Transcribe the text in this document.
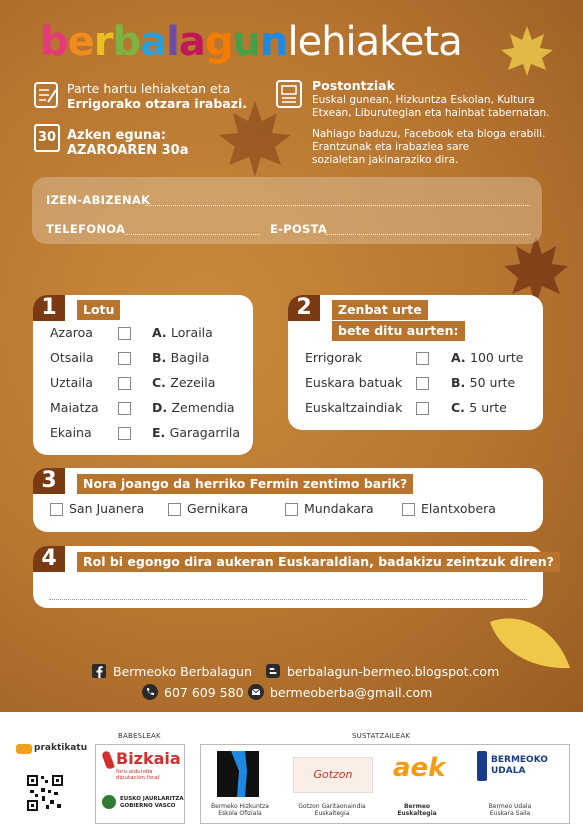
berbalagunlehiaketa
Parte hartu lehiaketan eta
Errigorako otzara irabazi.
30 Azken eguna:
AZAROAREN 30a
Postontziak
Euskal gunean, Hizkuntza Eskolan, Kultura
Etxean, Liburutegian eta hainbat tabernatan.
Nahiago baduzu, Facebook eta bloga erabili.
Erantzunak eta irabazlea sare
sozialetan jakinaraziko dira.
IZEN-ABIZENAK
TELEFONOA	E-POSTA
1	Lotu
Azaroa	A. Loraila
Otsaila	B. Bagila
Uztaila	C. Zezeila
Maiatza	D. Zemendia
Ekaina	E. Garagarrila
2	Zenbat urte
bete ditu aurten:
Errigorak	A. 100 urte
Euskara batuak	B. 50 urte
Euskaltzaindiak	C. 5 urte
3	Nora joango da herriko Fermin zentimo barik?
San Juanera	Gernikara	Mundakara	Elantxobera
4	Rol bi egongo dira aukeran Euskaraldian, badakizu zeintzuk diren?
Bermeoko Berbalagun	berbalagun-bermeo.blogspot.com
607 609 580 bermeoberba@gmail.com
praktikatu
BABESLEAK
Bizkaia
foru aldundia diputación foral
EUSKO JAURLARITZA
GOBIERNO VASCO
SUSTATZAILEAK
Bermeko Hizkuntza
Eskola Ofiziala
Gotzon
Gotzon Garitaonaindia
Euskaltegia
aek
Bermeo
Euskaltegia
BERMEOKO
UDALA
Bermeo Udala
Euskara Saila
